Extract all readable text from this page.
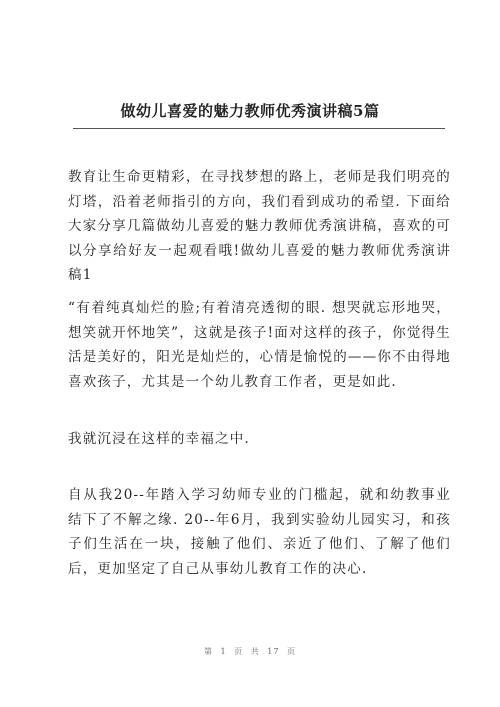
做幼儿喜爱的魅力教师优秀演讲稿5篇

教育让生命更精彩，在寻找梦想的路上，老师是我们明亮的灯塔，沿着老师指引的方向，我们看到成功的希望. 下面给大家分享几篇做幼儿喜爱的魅力教师优秀演讲稿，喜欢的可以分享给好友一起观看哦!做幼儿喜爱的魅力教师优秀演讲稿1

“有着纯真灿烂的脸;有着清亮透彻的眼. 想哭就忘形地哭，想笑就开怀地笑”，这就是孩子!面对这样的孩子，你觉得生活是美好的，阳光是灿烂的，心情是愉悦的——你不由得地喜欢孩子，尤其是一个幼儿教育工作者，更是如此.

我就沉浸在这样的幸福之中.

自从我20--年踏入学习幼师专业的门槛起，就和幼教事业结下了不解之缘. 20--年6月，我到实验幼儿园实习，和孩子们生活在一块，接触了他们、亲近了他们、了解了他们后，更加坚定了自己从事幼儿教育工作的决心.

第 1 页 共 17 页
